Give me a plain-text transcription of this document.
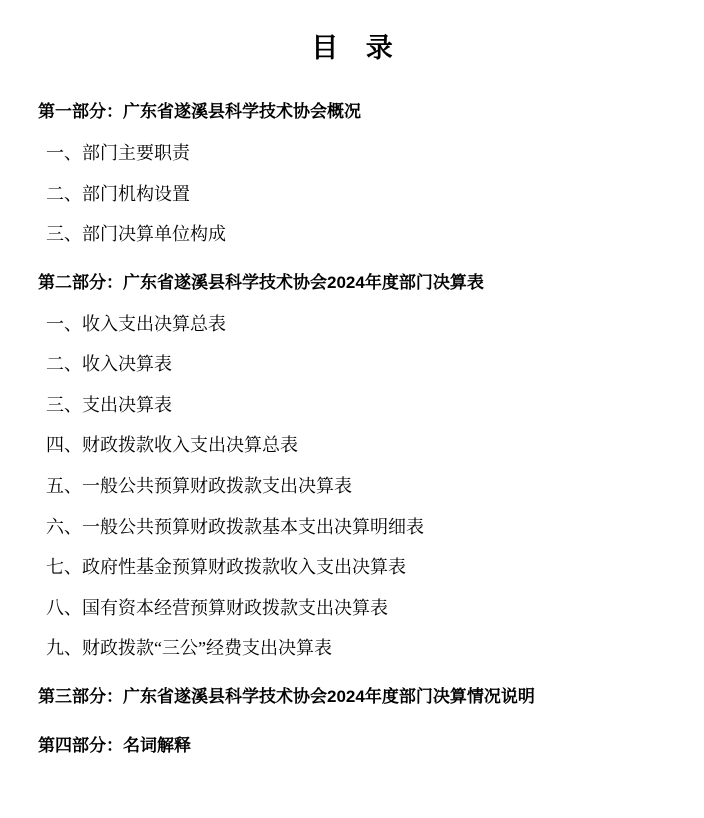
目 录
第一部分：广东省遂溪县科学技术协会概况
一、部门主要职责
二、部门机构设置
三、部门决算单位构成
第二部分：广东省遂溪县科学技术协会2024年度部门决算表
一、收入支出决算总表
二、收入决算表
三、支出决算表
四、财政拨款收入支出决算总表
五、一般公共预算财政拨款支出决算表
六、一般公共预算财政拨款基本支出决算明细表
七、政府性基金预算财政拨款收入支出决算表
八、国有资本经营预算财政拨款支出决算表
九、财政拨款“三公”经费支出决算表
第三部分：广东省遂溪县科学技术协会2024年度部门决算情况说明
第四部分：名词解释
